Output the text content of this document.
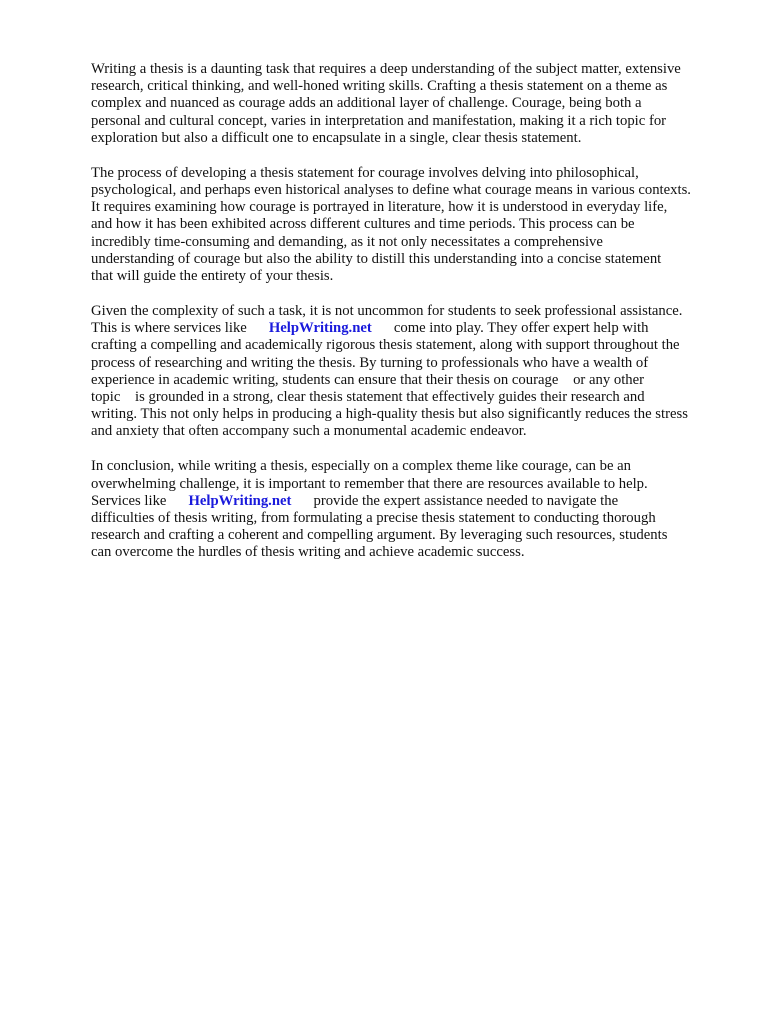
Writing a thesis is a daunting task that requires a deep understanding of the subject matter, extensive
research, critical thinking, and well-honed writing skills. Crafting a thesis statement on a theme as
complex and nuanced as courage adds an additional layer of challenge. Courage, being both a
personal and cultural concept, varies in interpretation and manifestation, making it a rich topic for
exploration but also a difficult one to encapsulate in a single, clear thesis statement.
The process of developing a thesis statement for courage involves delving into philosophical,
psychological, and perhaps even historical analyses to define what courage means in various contexts.
It requires examining how courage is portrayed in literature, how it is understood in everyday life,
and how it has been exhibited across different cultures and time periods. This process can be
incredibly time-consuming and demanding, as it not only necessitates a comprehensive
understanding of courage but also the ability to distill this understanding into a concise statement
that will guide the entirety of your thesis.
Given the complexity of such a task, it is not uncommon for students to seek professional assistance.
This is where services like      HelpWriting.net      come into play. They offer expert help with
crafting a compelling and academically rigorous thesis statement, along with support throughout the
process of researching and writing the thesis. By turning to professionals who have a wealth of
experience in academic writing, students can ensure that their thesis on courage    or any other
topic    is grounded in a strong, clear thesis statement that effectively guides their research and
writing. This not only helps in producing a high-quality thesis but also significantly reduces the stress
and anxiety that often accompany such a monumental academic endeavor.
In conclusion, while writing a thesis, especially on a complex theme like courage, can be an
overwhelming challenge, it is important to remember that there are resources available to help.
Services like      HelpWriting.net      provide the expert assistance needed to navigate the
difficulties of thesis writing, from formulating a precise thesis statement to conducting thorough
research and crafting a coherent and compelling argument. By leveraging such resources, students
can overcome the hurdles of thesis writing and achieve academic success.
